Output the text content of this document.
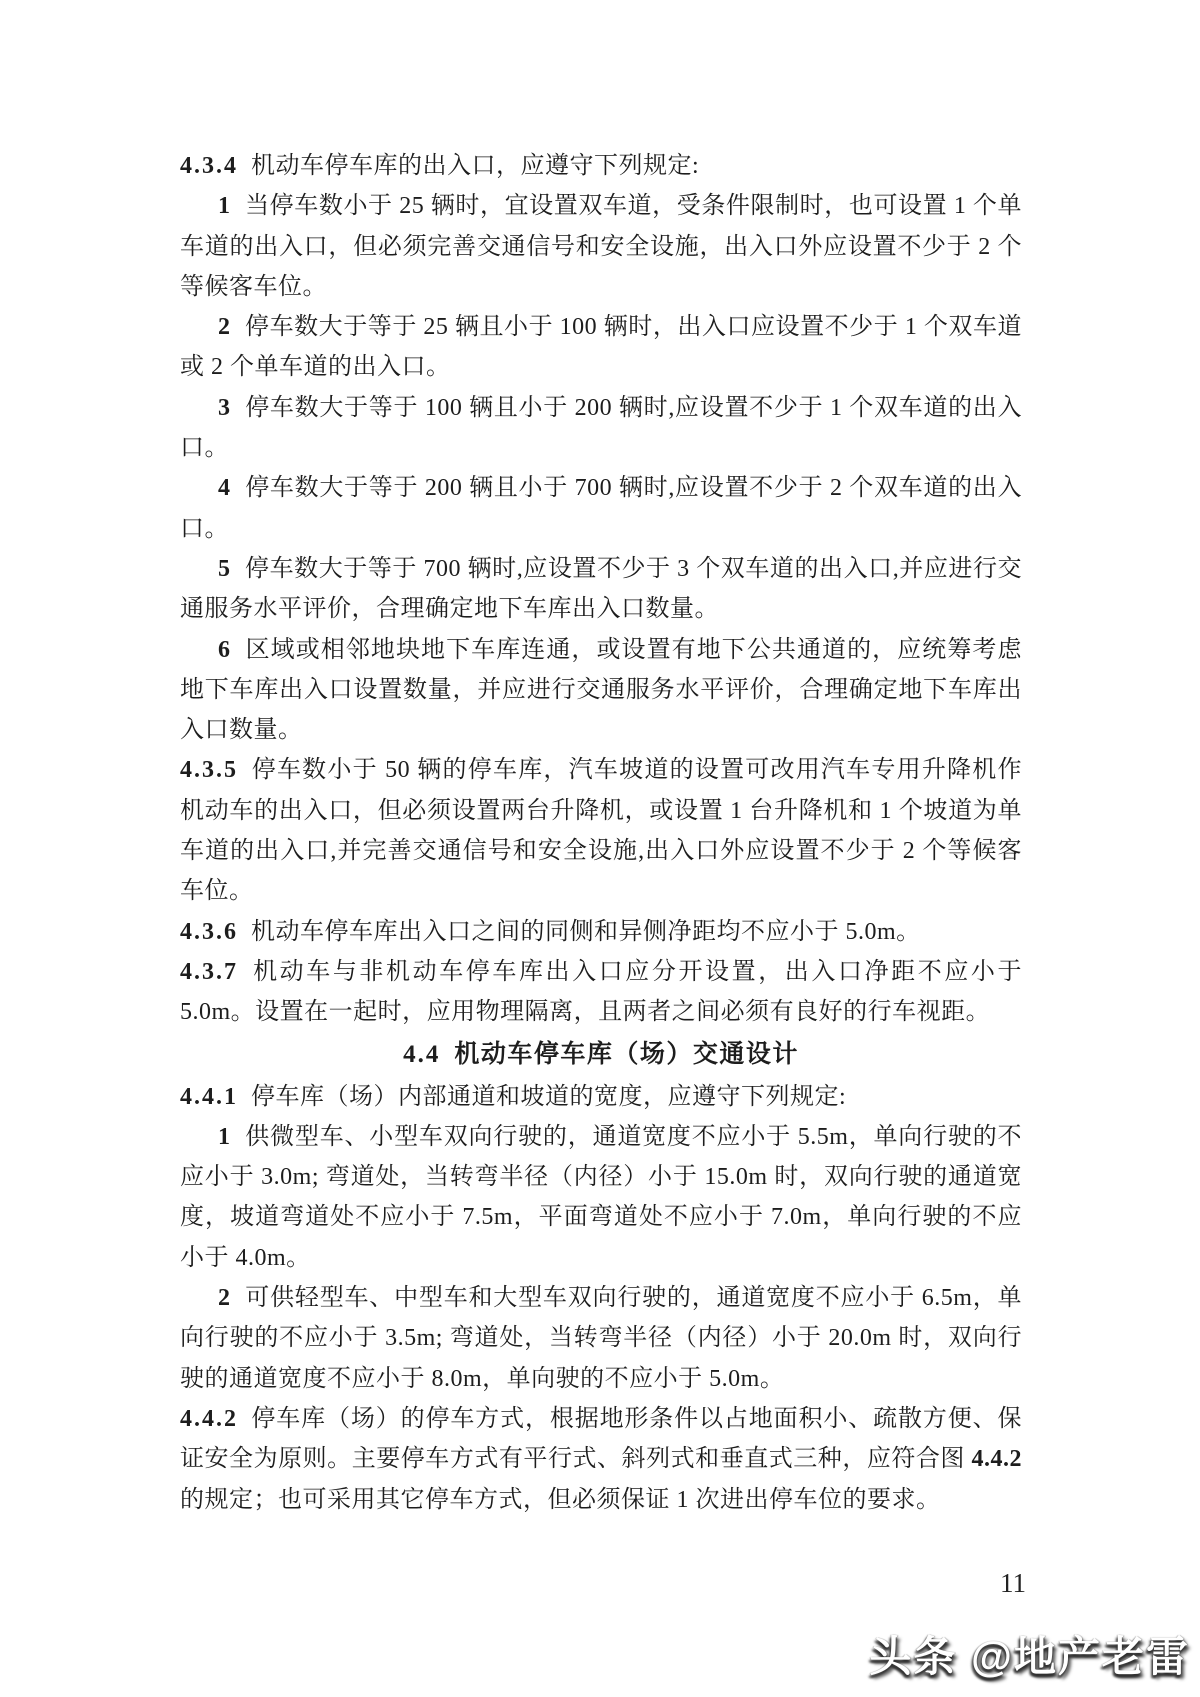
4.3.4 机动车停车库的出入口，应遵守下列规定:

1 当停车数小于 25 辆时，宜设置双车道，受条件限制时，也可设置 1 个单车道的出入口，但必须完善交通信号和安全设施，出入口外应设置不少于 2 个等候客车位。

2 停车数大于等于 25 辆且小于 100 辆时，出入口应设置不少于 1 个双车道或 2 个单车道的出入口。

3 停车数大于等于 100 辆且小于 200 辆时,应设置不少于 1 个双车道的出入口。

4 停车数大于等于 200 辆且小于 700 辆时,应设置不少于 2 个双车道的出入口。

5 停车数大于等于 700 辆时,应设置不少于 3 个双车道的出入口,并应进行交通服务水平评价，合理确定地下车库出入口数量。

6 区域或相邻地块地下车库连通，或设置有地下公共通道的，应统筹考虑地下车库出入口设置数量，并应进行交通服务水平评价，合理确定地下车库出入口数量。

4.3.5 停车数小于 50 辆的停车库，汽车坡道的设置可改用汽车专用升降机作机动车的出入口，但必须设置两台升降机，或设置 1 台升降机和 1 个坡道为单车道的出入口,并完善交通信号和安全设施,出入口外应设置不少于 2 个等候客车位。

4.3.6 机动车停车库出入口之间的同侧和异侧净距均不应小于 5.0m。

4.3.7 机动车与非机动车停车库出入口应分开设置，出入口净距不应小于 5.0m。设置在一起时，应用物理隔离，且两者之间必须有良好的行车视距。

4.4 机动车停车库（场）交通设计

4.4.1 停车库（场）内部通道和坡道的宽度，应遵守下列规定:

1 供微型车、小型车双向行驶的，通道宽度不应小于 5.5m，单向行驶的不应小于 3.0m; 弯道处，当转弯半径（内径）小于 15.0m 时，双向行驶的通道宽度，坡道弯道处不应小于 7.5m，平面弯道处不应小于 7.0m，单向行驶的不应小于 4.0m。

2 可供轻型车、中型车和大型车双向行驶的，通道宽度不应小于 6.5m，单向行驶的不应小于 3.5m; 弯道处，当转弯半径（内径）小于 20.0m 时，双向行驶的通道宽度不应小于 8.0m，单向驶的不应小于 5.0m。

4.4.2 停车库（场）的停车方式，根据地形条件以占地面积小、疏散方便、保证安全为原则。主要停车方式有平行式、斜列式和垂直式三种，应符合图 4.4.2 的规定；也可采用其它停车方式，但必须保证 1 次进出停车位的要求。

11
头条 @地产老雷
